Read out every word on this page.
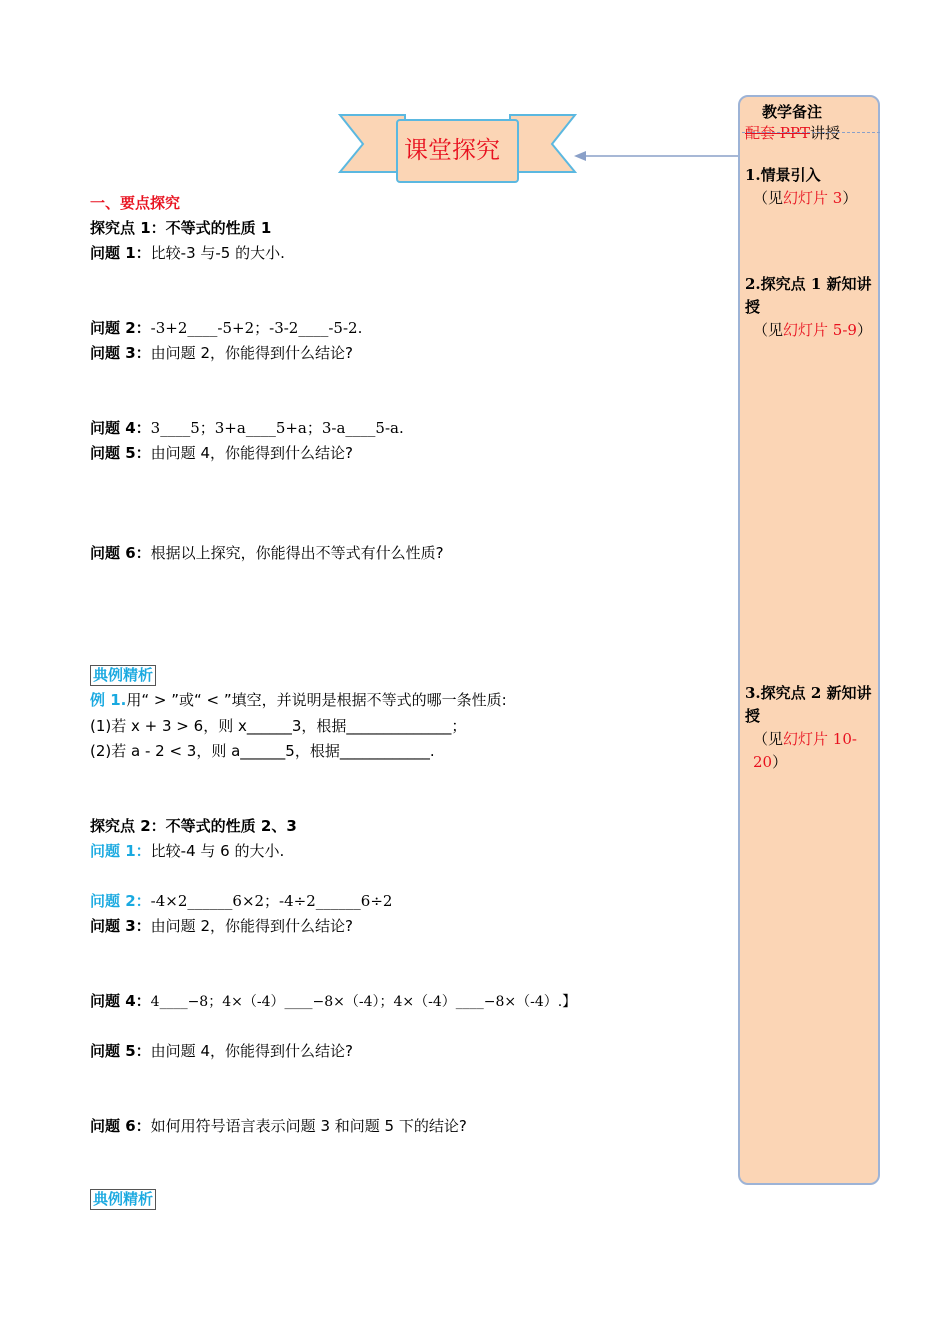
课堂探究
一、要点探究
探究点 1：不等式的性质 1
问题 1：比较-3 与-5 的大小.
问题 2：-3+2____-5+2；-3-2____-5-2.
问题 3：由问题 2，你能得到什么结论?
问题 4：3____5；3+a____5+a；3-a____5-a.
问题 5：由问题 4，你能得到什么结论?
问题 6：根据以上探究，你能得出不等式有什么性质?
典例精析
例 1.用“ > ”或“ < ”填空，并说明是根据不等式的哪一条性质:
(1)若 x + 3 > 6，则 x______3，根据______________；
(2)若 a - 2 < 3，则 a______5，根据____________.
探究点 2：不等式的性质 2、3
问题 1：比较-4 与 6 的大小.
问题 2：-4×2______6×2；-4÷2______6÷2
问题 3：由问题 2，你能得到什么结论?
问题 4：4____−8；4×（-4）____−8×（-4）；4×（-4）____−8×（-4）.】
问题 5：由问题 4，你能得到什么结论?
问题 6：如何用符号语言表示问题 3 和问题 5 下的结论?
典例精析
教学备注
配套 PPT讲授
1.情景引入
（见幻灯片 3）
2.探究点 1 新知讲授
（见幻灯片 5-9）
3.探究点 2 新知讲授
（见幻灯片 10-20）
